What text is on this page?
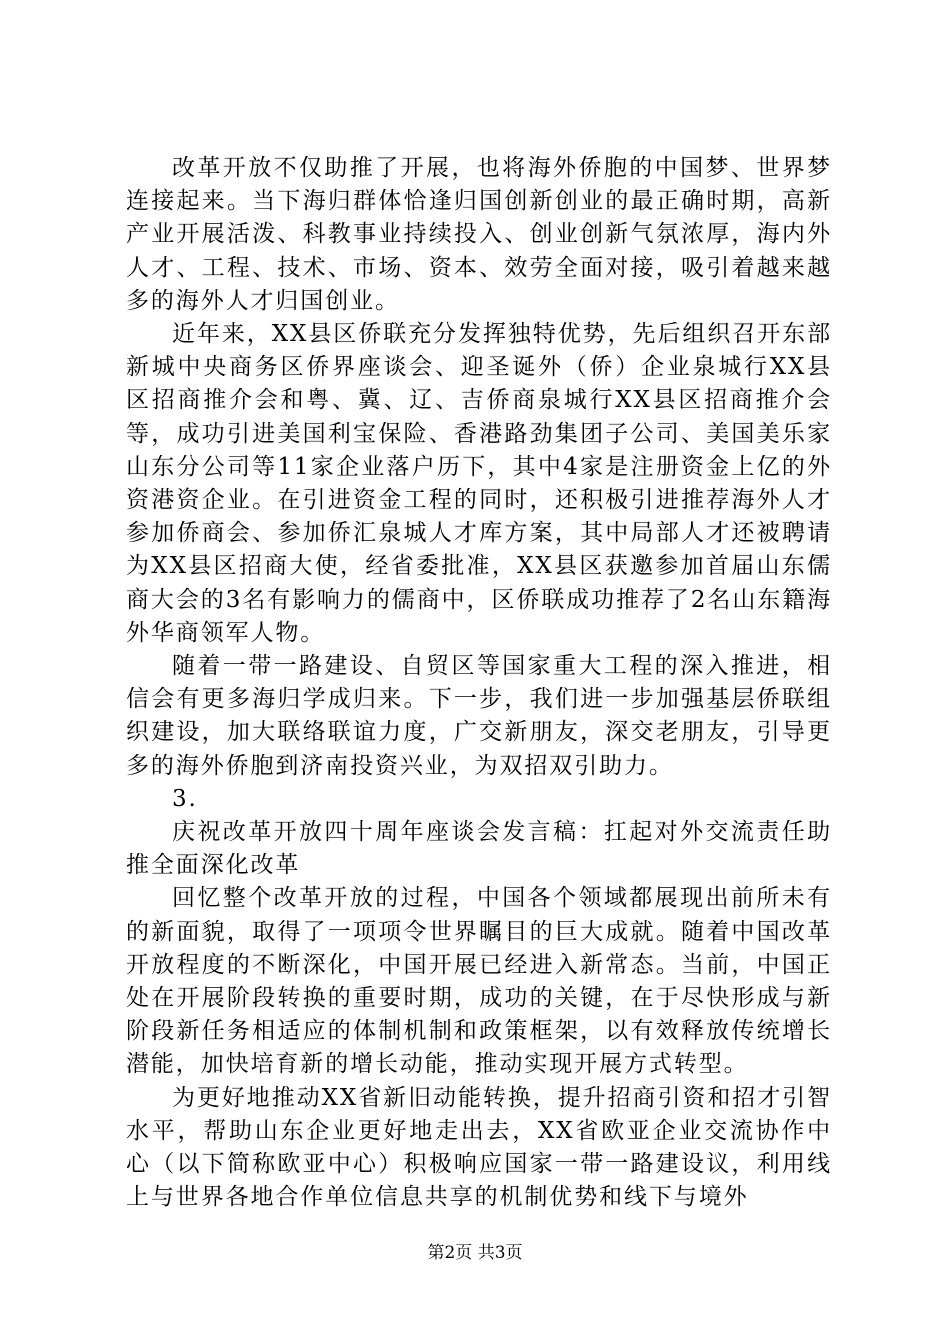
改革开放不仅助推了开展，也将海外侨胞的中国梦、世界梦连接起来。当下海归群体恰逢归国创新创业的最正确时期，高新产业开展活泼、科教事业持续投入、创业创新气氛浓厚，海内外人才、工程、技术、市场、资本、效劳全面对接，吸引着越来越多的海外人才归国创业。

近年来，XX县区侨联充分发挥独特优势，先后组织召开东部新城中央商务区侨界座谈会、迎圣诞外（侨）企业泉城行XX县区招商推介会和粤、冀、辽、吉侨商泉城行XX县区招商推介会等，成功引进美国利宝保险、香港路劲集团子公司、美国美乐家山东分公司等11家企业落户历下，其中4家是注册资金上亿的外资港资企业。在引进资金工程的同时，还积极引进推荐海外人才参加侨商会、参加侨汇泉城人才库方案，其中局部人才还被聘请为XX县区招商大使，经省委批准，XX县区获邀参加首届山东儒商大会的3名有影响力的儒商中，区侨联成功推荐了2名山东籍海外华商领军人物。

随着一带一路建设、自贸区等国家重大工程的深入推进，相信会有更多海归学成归来。下一步，我们进一步加强基层侨联组织建设，加大联络联谊力度，广交新朋友，深交老朋友，引导更多的海外侨胞到济南投资兴业，为双招双引助力。

3.

庆祝改革开放四十周年座谈会发言稿：扛起对外交流责任助推全面深化改革

回忆整个改革开放的过程，中国各个领域都展现出前所未有的新面貌，取得了一项项令世界瞩目的巨大成就。随着中国改革开放程度的不断深化，中国开展已经进入新常态。当前，中国正处在开展阶段转换的重要时期，成功的关键，在于尽快形成与新阶段新任务相适应的体制机制和政策框架，以有效释放传统增长潜能，加快培育新的增长动能，推动实现开展方式转型。

为更好地推动XX省新旧动能转换，提升招商引资和招才引智水平，帮助山东企业更好地走出去，XX省欧亚企业交流协作中心（以下简称欧亚中心）积极响应国家一带一路建设议，利用线上与世界各地合作单位信息共享的机制优势和线下与境外

第2页 共3页
